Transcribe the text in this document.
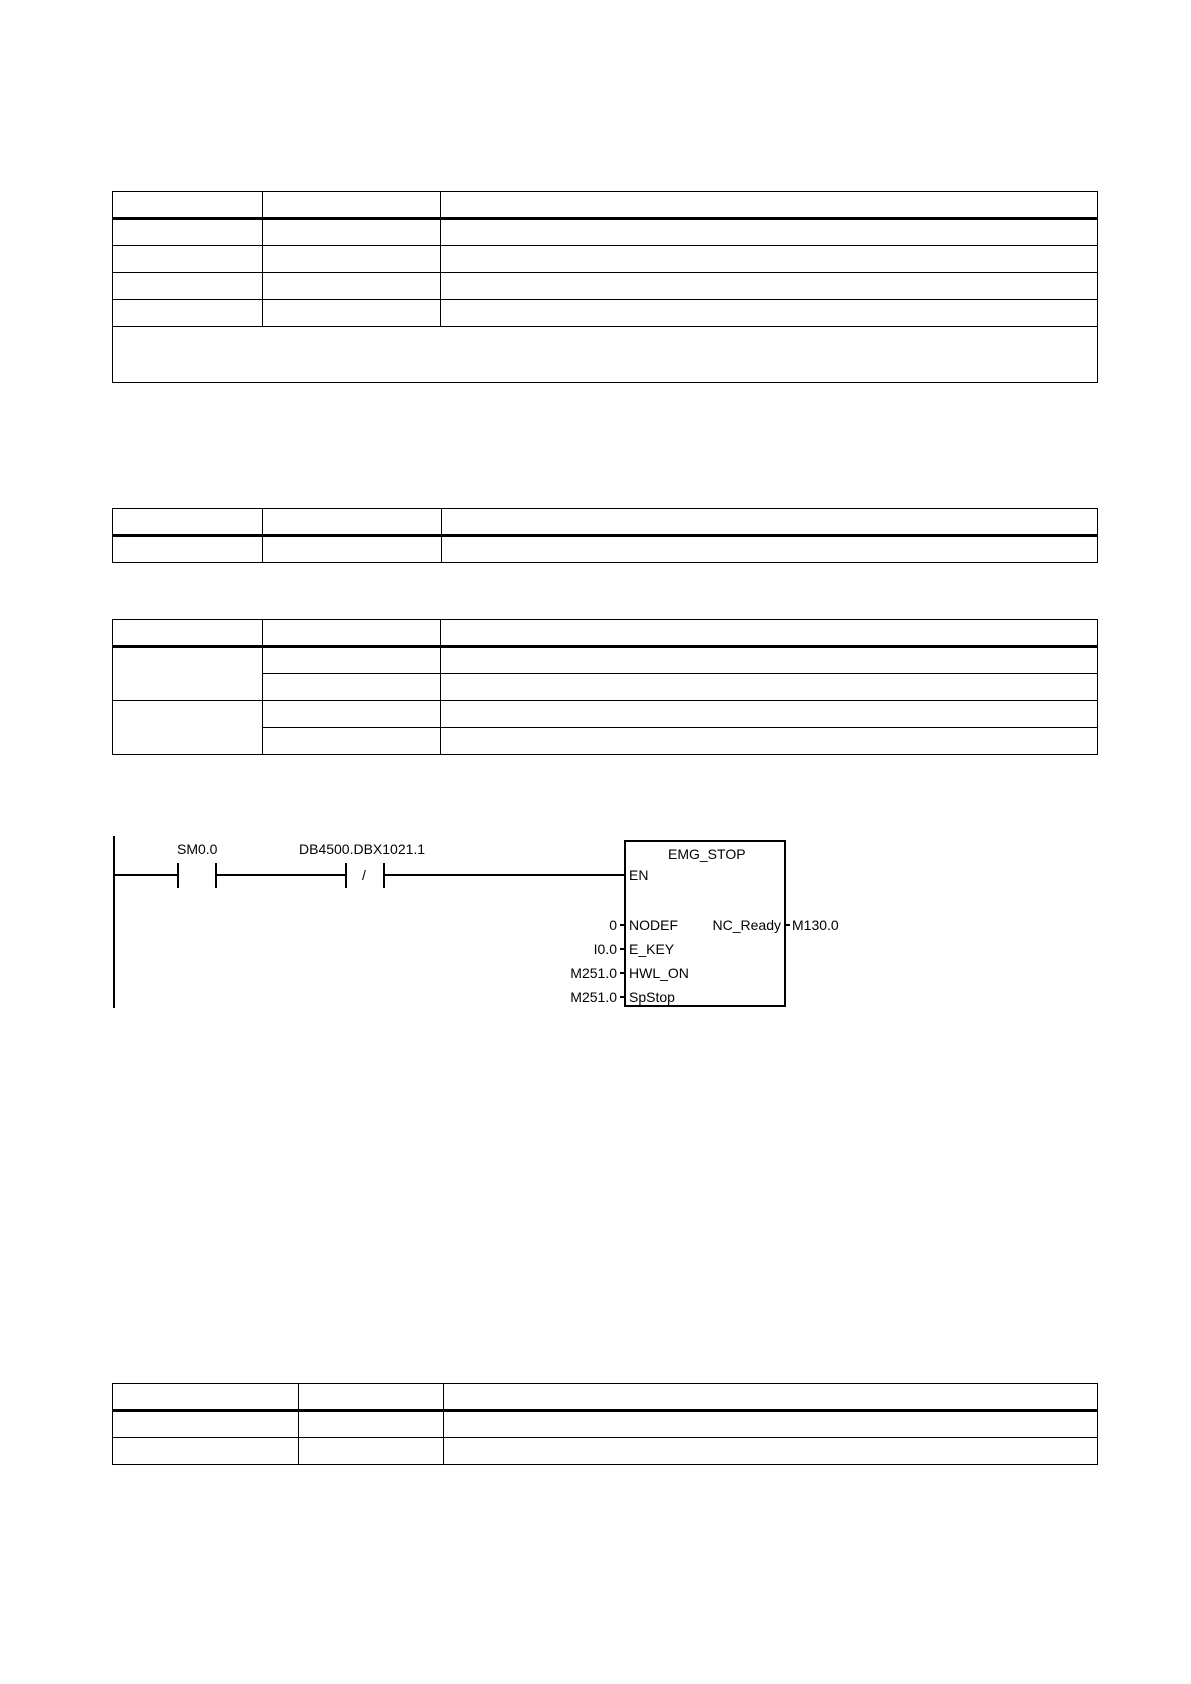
SM0.0
/
DB4500.DBX1021.1	EMG_STOP
EN
NODEF
0
E_KEY
I0.0
HWL_ON
M251.0
SpStop
M251.0
NC_Ready M130.0
